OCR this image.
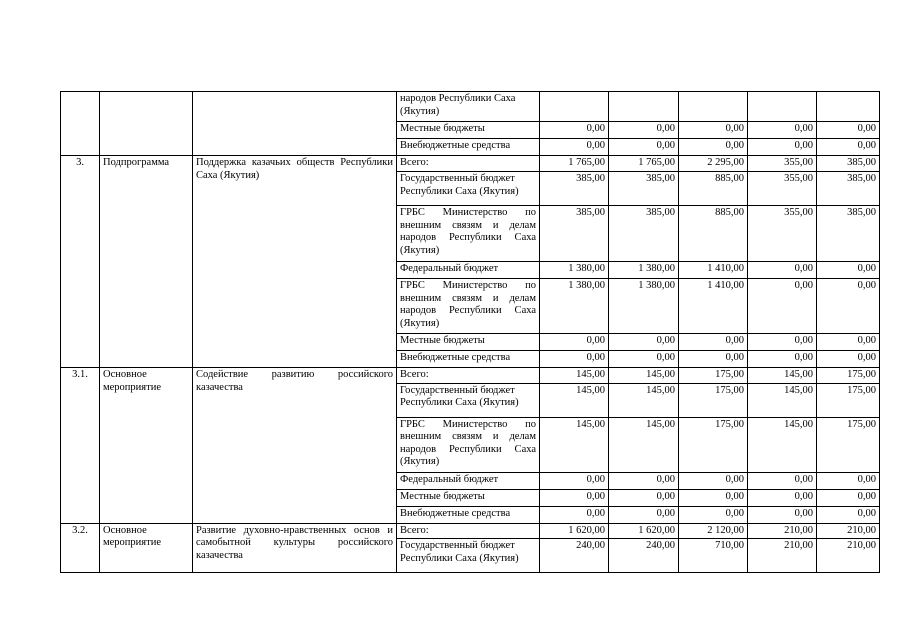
			народов Республики Саха (Якутия)					
			Местные бюджеты	0,00	0,00	0,00	0,00	0,00
			Внебюджетные средства	0,00	0,00	0,00	0,00	0,00
3.	Подпрограмма	Поддержка казачьих обществ Республики Саха (Якутия)	Всего:	1 765,00	1 765,00	2 295,00	355,00	385,00
			Государственный бюджет Республики Саха (Якутия)	385,00	385,00	885,00	355,00	385,00
			ГРБС Министерство по внешним связям и делам народов Республики Саха (Якутия)	385,00	385,00	885,00	355,00	385,00
			Федеральный бюджет	1 380,00	1 380,00	1 410,00	0,00	0,00
			ГРБС Министерство по внешним связям и делам народов Республики Саха (Якутия)	1 380,00	1 380,00	1 410,00	0,00	0,00
			Местные бюджеты	0,00	0,00	0,00	0,00	0,00
			Внебюджетные средства	0,00	0,00	0,00	0,00	0,00
3.1.	Основное мероприятие	Содействие развитию российского казачества	Всего:	145,00	145,00	175,00	145,00	175,00
			Государственный бюджет Республики Саха (Якутия)	145,00	145,00	175,00	145,00	175,00
			ГРБС Министерство по внешним связям и делам народов Республики Саха (Якутия)	145,00	145,00	175,00	145,00	175,00
			Федеральный бюджет	0,00	0,00	0,00	0,00	0,00
			Местные бюджеты	0,00	0,00	0,00	0,00	0,00
			Внебюджетные средства	0,00	0,00	0,00	0,00	0,00
3.2.	Основное мероприятие	Развитие духовно-нравственных основ и самобытной культуры российского казачества	Всего:	1 620,00	1 620,00	2 120,00	210,00	210,00
			Государственный бюджет Республики Саха (Якутия)	240,00	240,00	710,00	210,00	210,00
